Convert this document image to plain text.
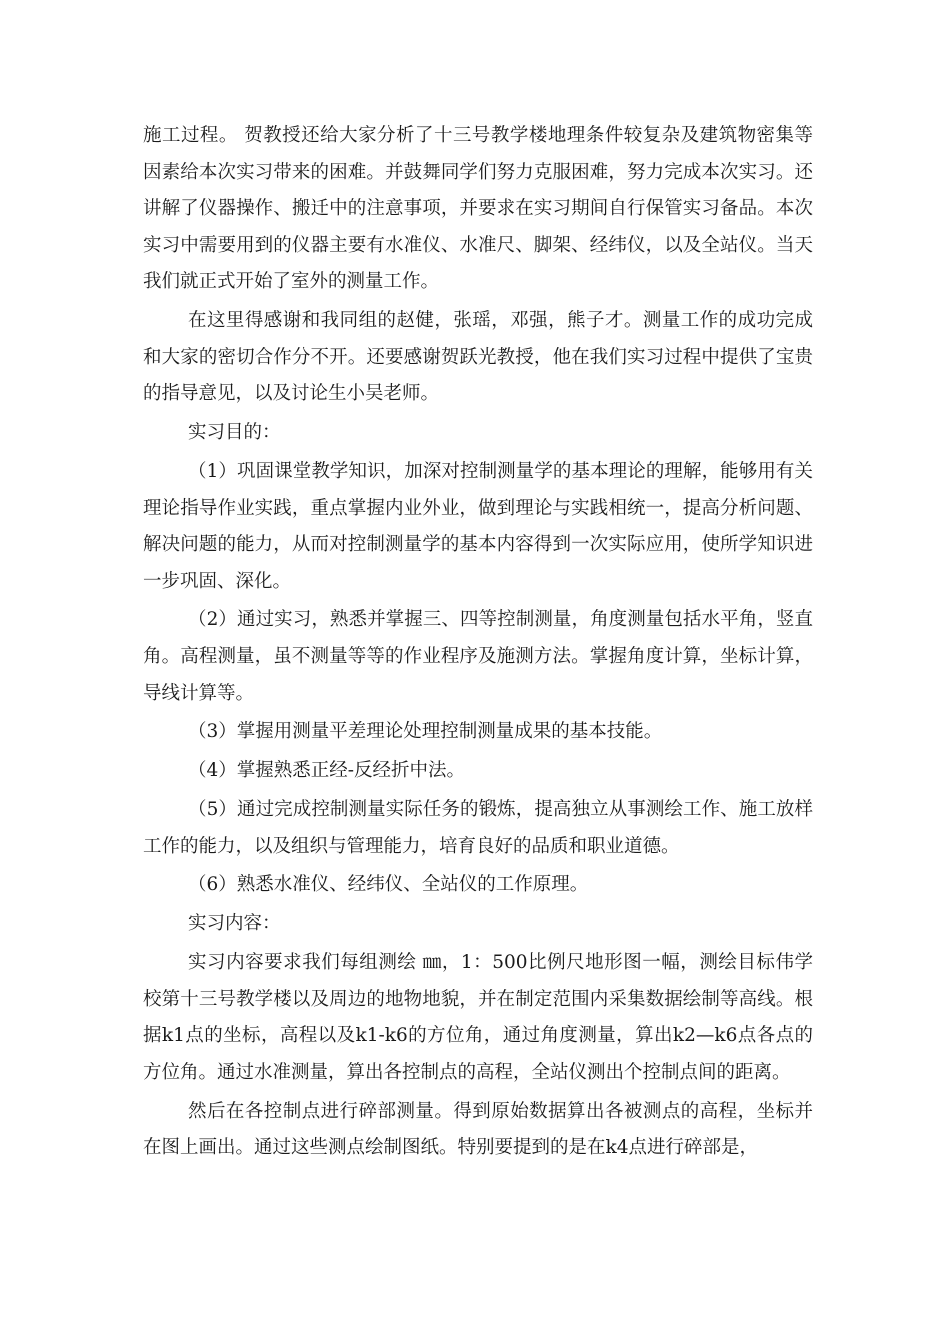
施工过程。 贺教授还给大家分析了十三号教学楼地理条件较复杂及建筑物密集等因素给本次实习带来的困难。并鼓舞同学们努力克服困难，努力完成本次实习。还讲解了仪器操作、搬迁中的注意事项，并要求在实习期间自行保管实习备品。本次实习中需要用到的仪器主要有水准仪、水准尺、脚架、经纬仪，以及全站仪。当天我们就正式开始了室外的测量工作。

在这里得感谢和我同组的赵健，张瑶，邓强，熊子才。测量工作的成功完成和大家的密切合作分不开。还要感谢贺跃光教授，他在我们实习过程中提供了宝贵的指导意见，以及讨论生小吴老师。

实习目的：

（1）巩固课堂教学知识，加深对控制测量学的基本理论的理解，能够用有关理论指导作业实践，重点掌握内业外业，做到理论与实践相统一，提高分析问题、解决问题的能力，从而对控制测量学的基本内容得到一次实际应用，使所学知识进一步巩固、深化。

（2）通过实习，熟悉并掌握三、四等控制测量，角度测量包括水平角，竖直角。高程测量，虽不测量等等的作业程序及施测方法。掌握角度计算，坐标计算，导线计算等。

（3）掌握用测量平差理论处理控制测量成果的基本技能。

（4）掌握熟悉正经-反经折中法。

（5）通过完成控制测量实际任务的锻炼，提高独立从事测绘工作、施工放样工作的能力，以及组织与管理能力，培育良好的品质和职业道德。

（6）熟悉水准仪、经纬仪、全站仪的工作原理。

实习内容：

实习内容要求我们每组测绘 ㎜，1：500比例尺地形图一幅，测绘目标伟学校第十三号教学楼以及周边的地物地貌，并在制定范围内采集数据绘制等高线。根据k1点的坐标，高程以及k1-k6的方位角，通过角度测量，算出k2—k6点各点的方位角。通过水准测量，算出各控制点的高程，全站仪测出个控制点间的距离。

然后在各控制点进行碎部测量。得到原始数据算出各被测点的高程，坐标并在图上画出。通过这些测点绘制图纸。特别要提到的是在k4点进行碎部是，
